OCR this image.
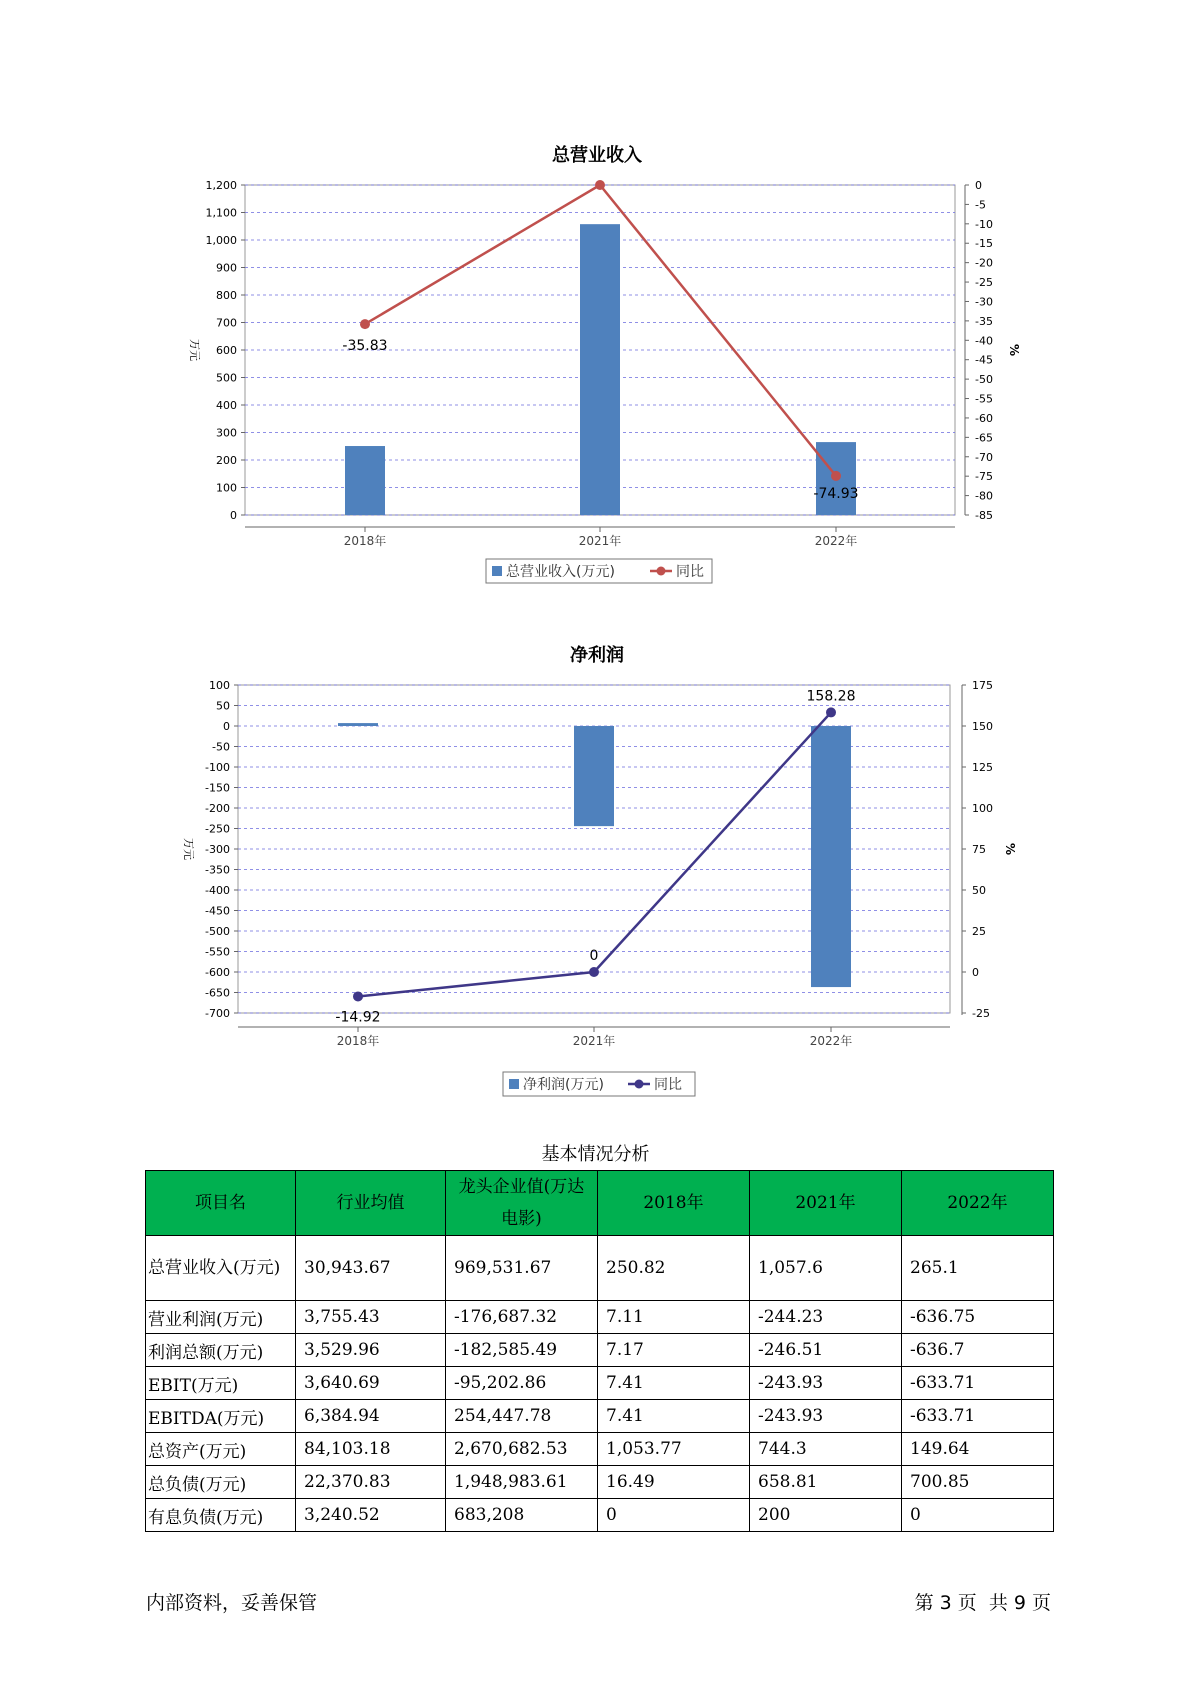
总营业收入
1,200
1,100
1,000
900
800
700
600
500
400
300
200
100
0
0
-5
-10
-15
-20
-25
-30
-35
-40
-45
-50
-55
-60
-65
-70
-75
-80
-85
万元	%
2018年	2021年	2022年
-35.83
-74.93
总营业收入(万元)	同比
净利润
100
50
0
-50
-100
-150
-200
-250
-300
-350
-400
-450
-500
-550
-600
-650
-700
175
150
125
100
75
50
25
0
-25
万元	%
2018年	2021年	2022年
-14.92
0
158.28
净利润(万元)	同比
基本情况分析
项目名	行业均值	龙头企业值(万达电影)	2018年	2021年	2022年
总营业收入(万元)	30,943.67	969,531.67	250.82	1,057.6	265.1
营业利润(万元)	3,755.43	-176,687.32	7.11	-244.23	-636.75
利润总额(万元)	3,529.96	-182,585.49	7.17	-246.51	-636.7
EBIT(万元)	3,640.69	-95,202.86	7.41	-243.93	-633.71
EBITDA(万元)	6,384.94	254,447.78	7.41	-243.93	-633.71
总资产(万元)	84,103.18	2,670,682.53	1,053.77	744.3	149.64
总负债(万元)	22,370.83	1,948,983.61	16.49	658.81	700.85
有息负债(万元)	3,240.52	683,208	0	200	0
内部资料，妥善保管	第 3 页  共 9 页
